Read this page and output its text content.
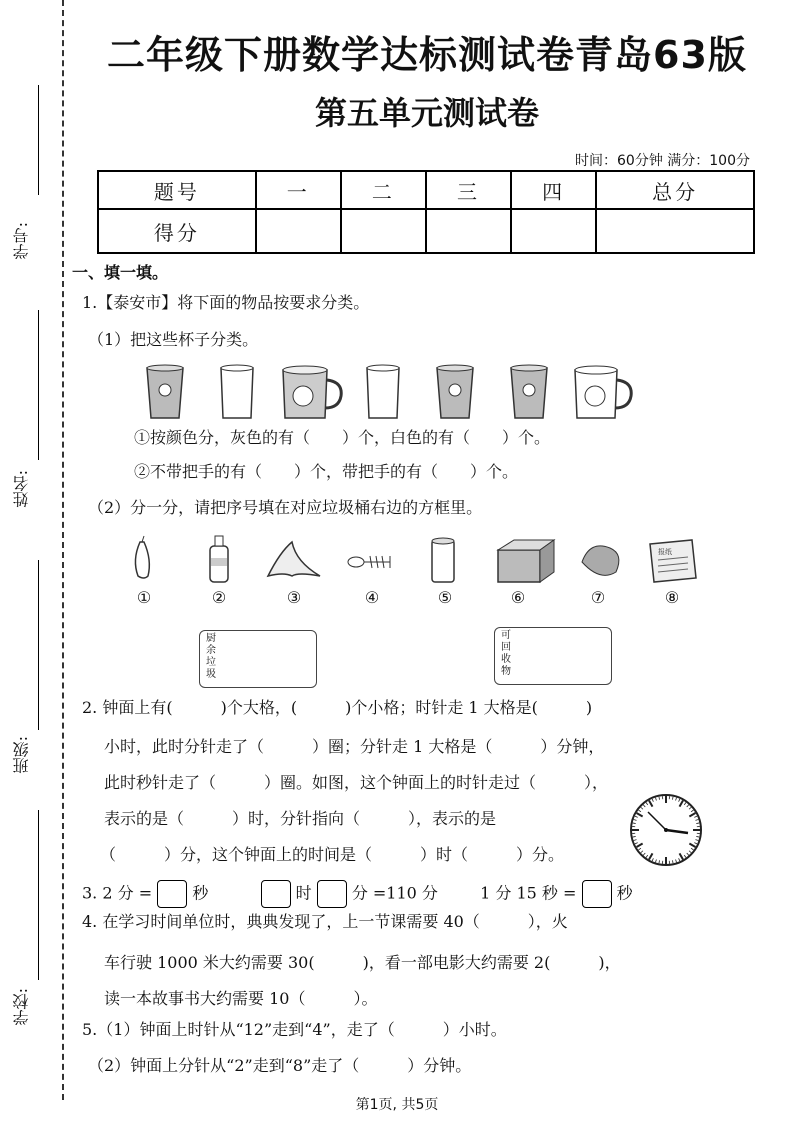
学号:
姓名:
班级:
学校:
二年级下册数学达标测试卷青岛63版
第五单元测试卷
时间：60分钟 满分：100分
题号	一	二	三	四	总分
得分					
一、填一填。
1.【泰安市】将下面的物品按要求分类。
（1）把这些杯子分类。
①按颜色分，灰色的有（　　）个，白色的有（　　）个。
②不带把手的有（　　）个，带把手的有（　　）个。
（2）分一分，请把序号填在对应垃圾桶右边的方框里。
报纸
①	②	③	④	⑤	⑥	⑦	⑧
厨
余
垃
圾
可
回
收
物
2. 钟面上有(　　　)个大格，(　　　)个小格；时针走 1 大格是(　　　)
小时，此时分针走了（　　　）圈；分针走 1 大格是（　　　）分钟，
此时秒针走了（　　　）圈。如图，这个钟面上的时针走过（　　　），
表示的是（　　　）时，分针指向（　　　），表示的是
（　　　）分，这个钟面上的时间是（　　　）时（　　　）分。
3. 2 分 =	秒	时	分 =110 分	1 分 15 秒 =	秒
4. 在学习时间单位时，典典发现了，上一节课需要 40（　　　），火
车行驶 1000 米大约需要 30(　　　)，看一部电影大约需要 2(　　　)，
读一本故事书大约需要 10（　　　）。
5.（1）钟面上时针从“12”走到“4”，走了（　　　）小时。
（2）钟面上分针从“2”走到“8”走了（　　　）分钟。
第1页, 共5页
